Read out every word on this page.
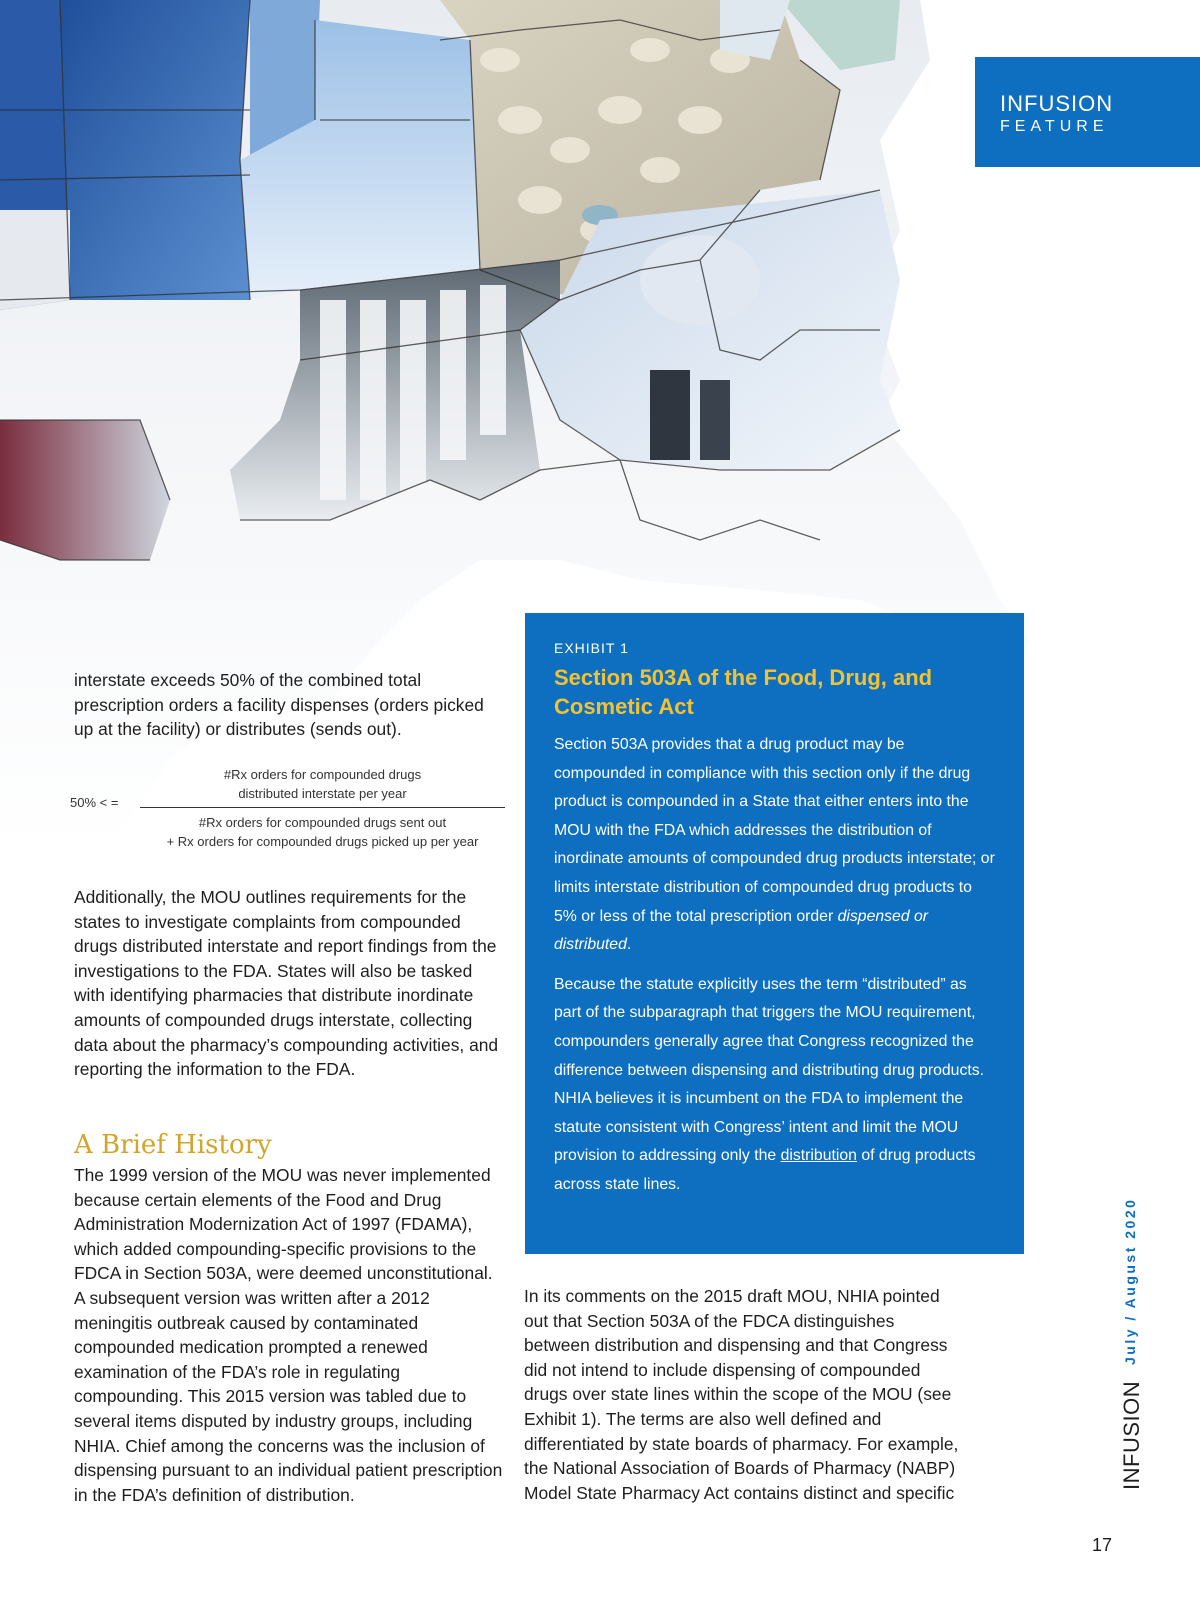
INFUSION
FEATURE

interstate exceeds 50% of the combined total prescription orders a facility dispenses (orders picked up at the facility) or distributes (sends out).

50% < =
#Rx orders for compounded drugs
distributed interstate per year
#Rx orders for compounded drugs sent out
+ Rx orders for compounded drugs picked up per year

Additionally, the MOU outlines requirements for the states to investigate complaints from compounded drugs distributed interstate and report findings from the investigations to the FDA. States will also be tasked with identifying pharmacies that distribute inordinate amounts of compounded drugs interstate, collecting data about the pharmacy’s compounding activities, and reporting the information to the FDA.

A Brief History

The 1999 version of the MOU was never implemented because certain elements of the Food and Drug Administration Modernization Act of 1997 (FDAMA), which added compounding-specific provisions to the FDCA in Section 503A, were deemed unconstitutional. A subsequent version was written after a 2012 meningitis outbreak caused by contaminated compounded medication prompted a renewed examination of the FDA’s role in regulating compounding. This 2015 version was tabled due to several items disputed by industry groups, including NHIA. Chief among the concerns was the inclusion of dispensing pursuant to an individual patient prescription in the FDA’s definition of distribution.

EXHIBIT 1
Section 503A of the Food, Drug, and Cosmetic Act

Section 503A provides that a drug product may be compounded in compliance with this section only if the drug product is compounded in a State that either enters into the MOU with the FDA which addresses the distribution of inordinate amounts of compounded drug products interstate; or limits interstate distribution of compounded drug products to 5% or less of the total prescription order dispensed or distributed.

Because the statute explicitly uses the term “distributed” as part of the subparagraph that triggers the MOU requirement, compounders generally agree that Congress recognized the difference between dispensing and distributing drug products. NHIA believes it is incumbent on the FDA to implement the statute consistent with Congress’ intent and limit the MOU provision to addressing only the distribution of drug products across state lines.

In its comments on the 2015 draft MOU, NHIA pointed out that Section 503A of the FDCA distinguishes between distribution and dispensing and that Congress did not intend to include dispensing of compounded drugs over state lines within the scope of the MOU (see Exhibit 1). The terms are also well defined and differentiated by state boards of pharmacy. For example, the National Association of Boards of Pharmacy (NABP) Model State Pharmacy Act contains distinct and specific

July / August 2020
INFUSION
17
